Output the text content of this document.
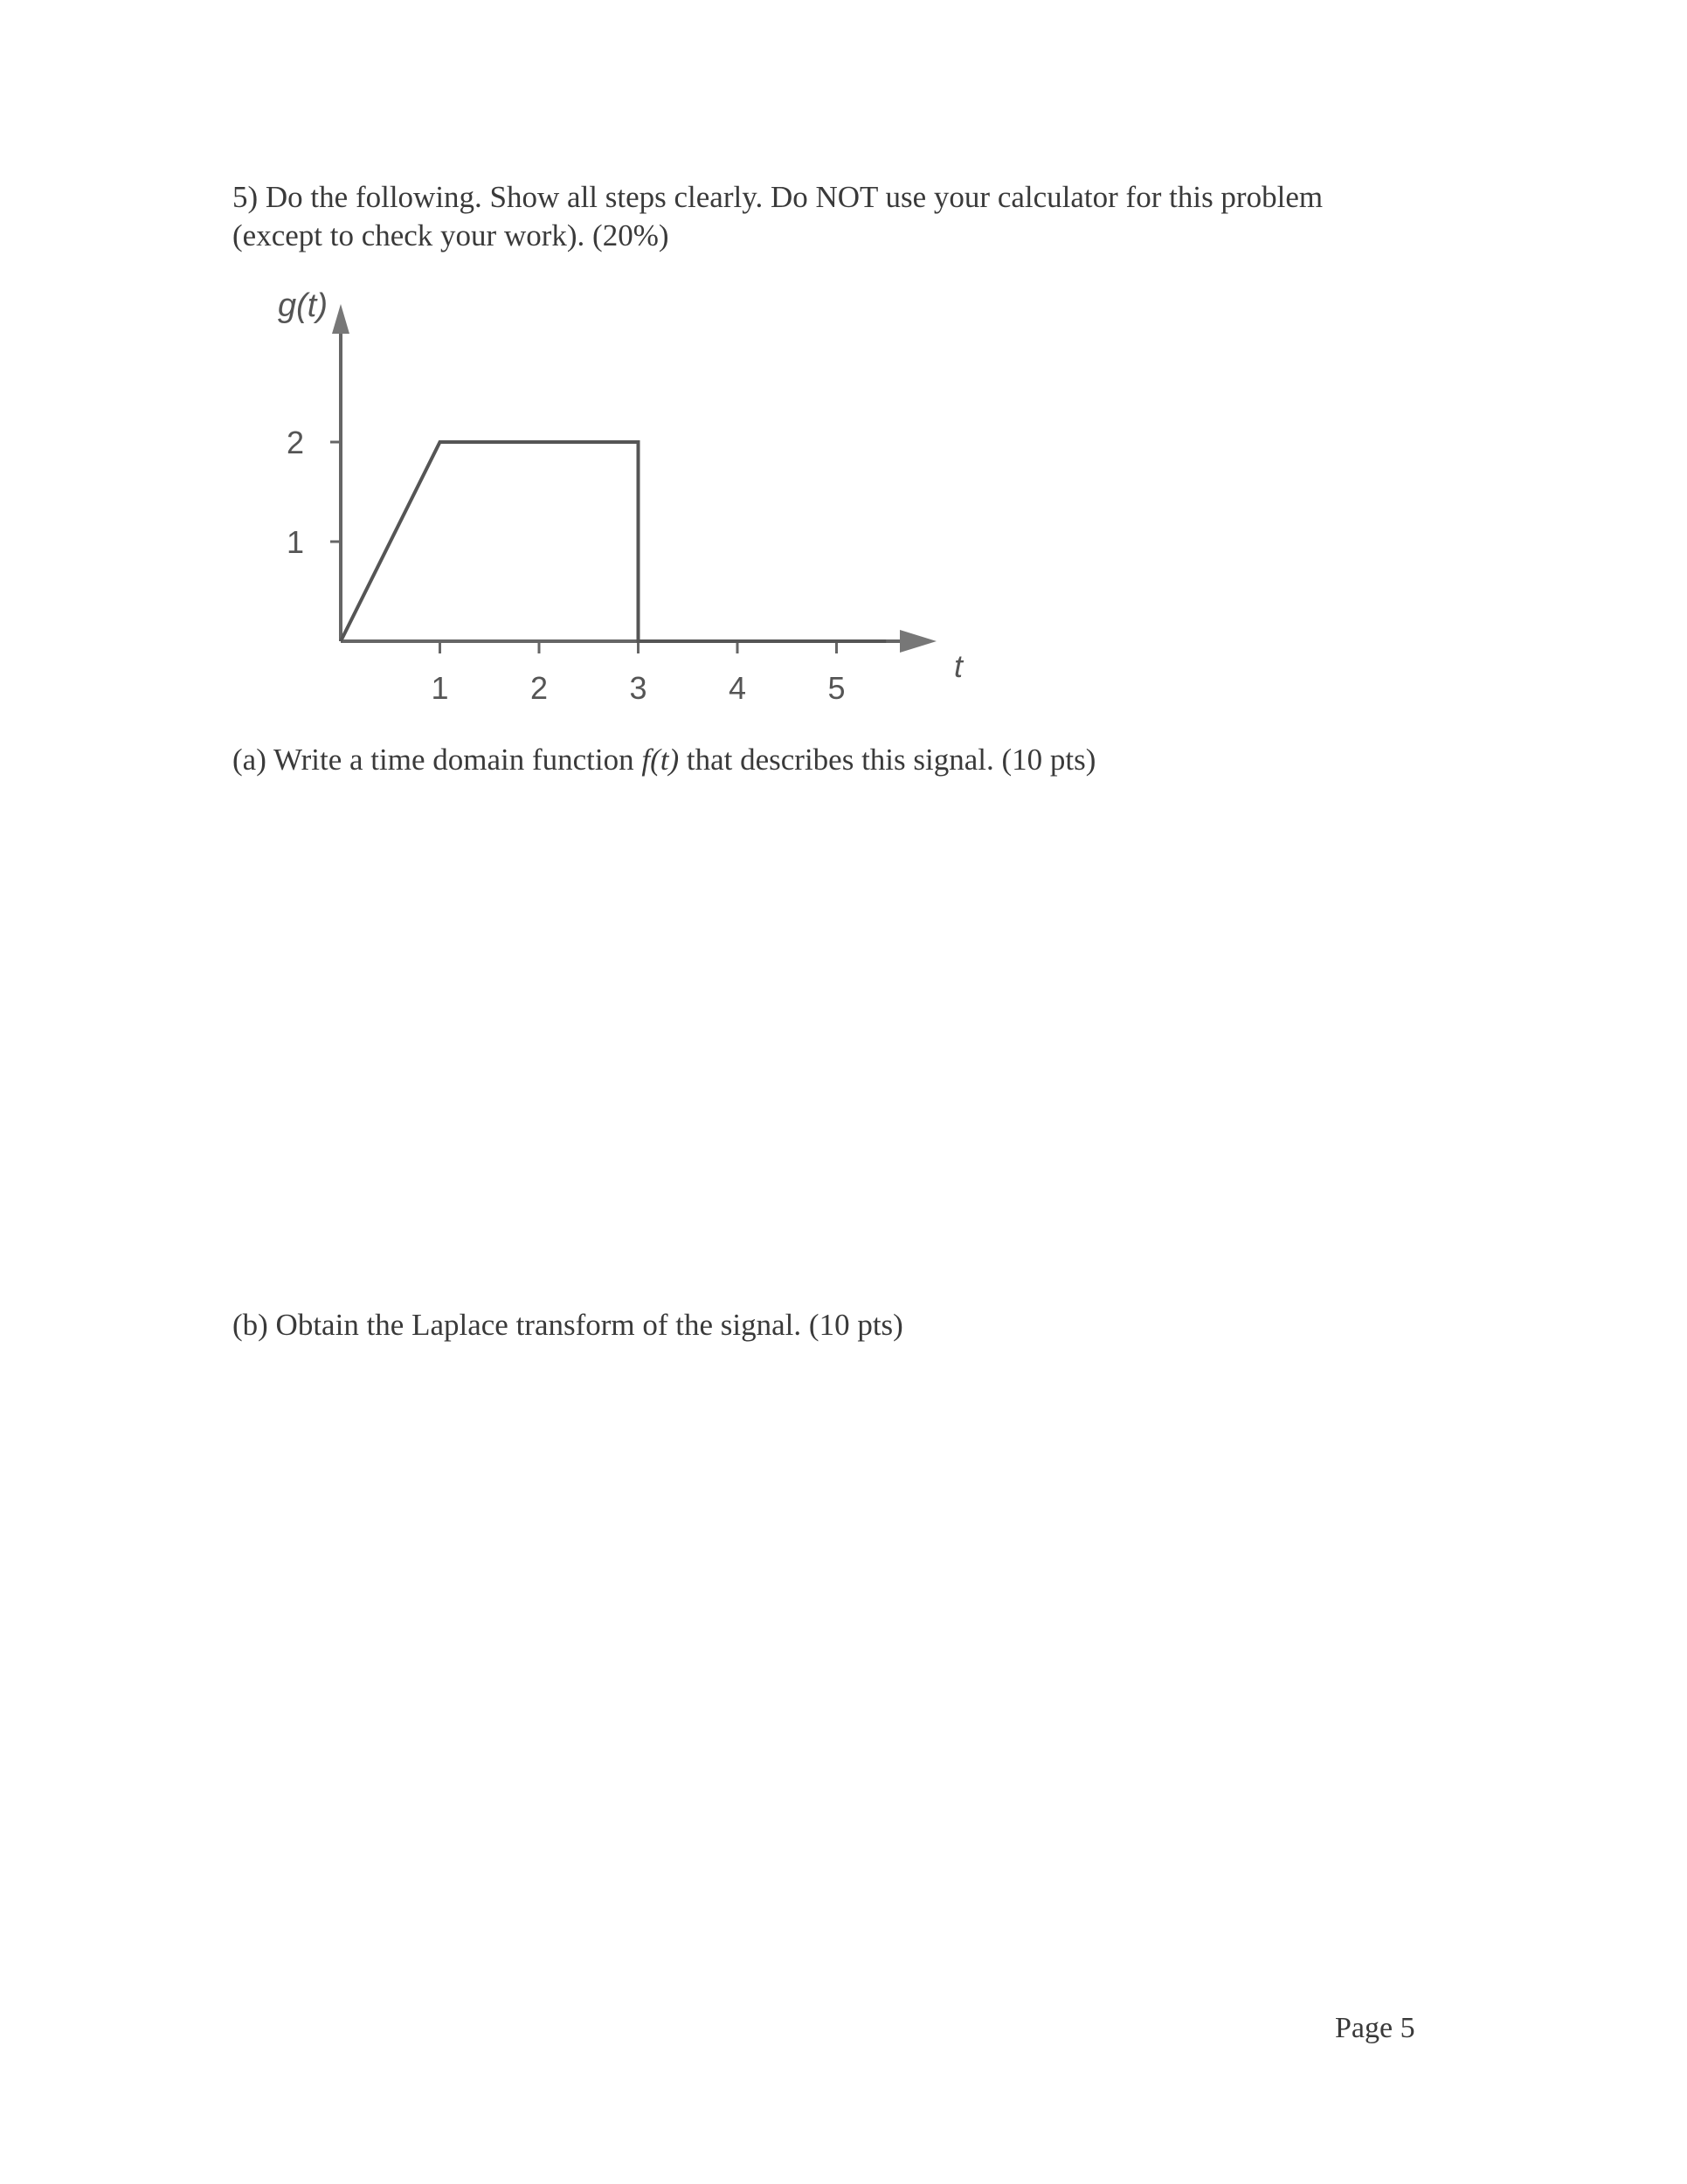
5) Do the following. Show all steps clearly. Do NOT use your calculator for this problem
(except to check your work). (20%)
1	2	3	4	5
1
2
g(t)
t
(a) Write a time domain function f(t) that describes this signal. (10 pts)
(b) Obtain the Laplace transform of the signal. (10 pts)
Page 5
